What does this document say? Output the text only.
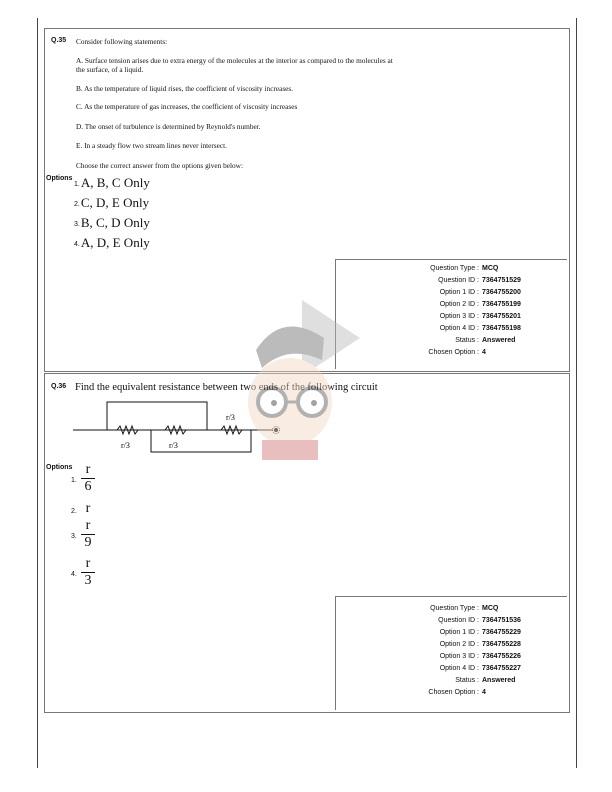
Q.35 Consider following statements:
A. Surface tension arises due to extra energy of the molecules at the interior as compared to the molecules at the surface, of a liquid.
B. As the temperature of liquid rises, the coefficient of viscosity increases.
C. As the temperature of gas increases, the coefficient of viscosity increases
D. The onset of turbulence is determined by Reynold's number.
E. In a steady flow two stream lines never intersect.
Choose the correct answer from the options given below:
Options
1.A, B, C Only
2.C, D, E Only
3.B, C, D Only
4.A, D, E Only
Question Type : MCQ
Question ID : 7364751529
Option 1 ID : 7364755200
Option 2 ID : 7364755199
Option 3 ID : 7364755201
Option 4 ID : 7364755198
Status : Answered
Chosen Option : 4
Q.36 Find the equivalent resistance between two ends of the following circuit
r/3	r/3
r/3
Options
1.
r
6
2. r
3.
r
9
4.
r
3
Question Type : MCQ
Question ID : 7364751536
Option 1 ID : 7364755229
Option 2 ID : 7364755228
Option 3 ID : 7364755226
Option 4 ID : 7364755227
Status : Answered
Chosen Option : 4
